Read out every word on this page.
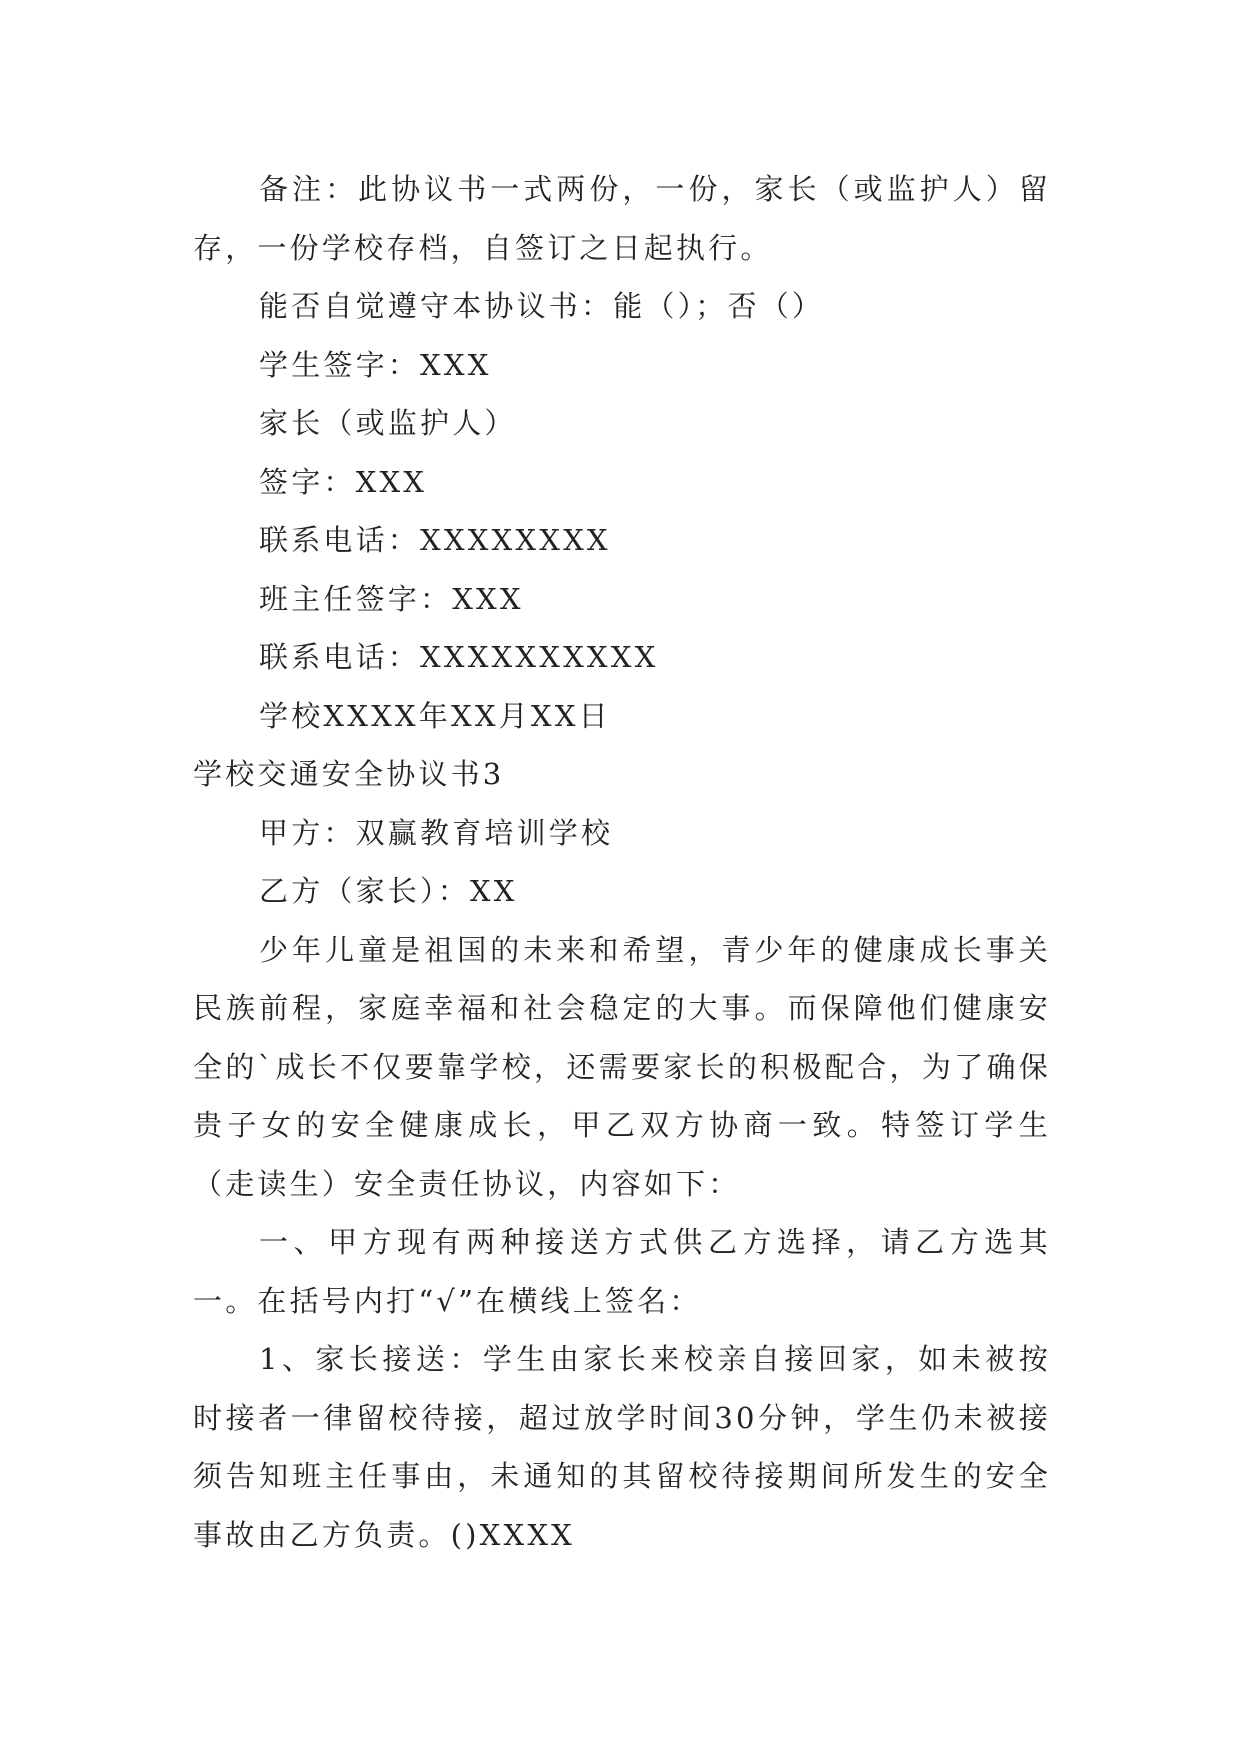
备注：此协议书一式两份，一份，家长（或监护人）留存，一份学校存档，自签订之日起执行。

能否自觉遵守本协议书：能（）；否（）

学生签字：XXX

家长（或监护人）

签字：XXX

联系电话：XXXXXXXX

班主任签字：XXX

联系电话：XXXXXXXXXX

学校XXXX年XX月XX日

学校交通安全协议书3

甲方：双赢教育培训学校

乙方（家长）：XX

少年儿童是祖国的未来和希望，青少年的健康成长事关民族前程，家庭幸福和社会稳定的大事。而保障他们健康安全的`成长不仅要靠学校，还需要家长的积极配合，为了确保贵子女的安全健康成长，甲乙双方协商一致。特签订学生（走读生）安全责任协议，内容如下：

一、甲方现有两种接送方式供乙方选择，请乙方选其一。在括号内打“√”在横线上签名：

1、家长接送：学生由家长来校亲自接回家，如未被按时接者一律留校待接，超过放学时间30分钟，学生仍未被接须告知班主任事由，未通知的其留校待接期间所发生的安全事故由乙方负责。()XXXX
